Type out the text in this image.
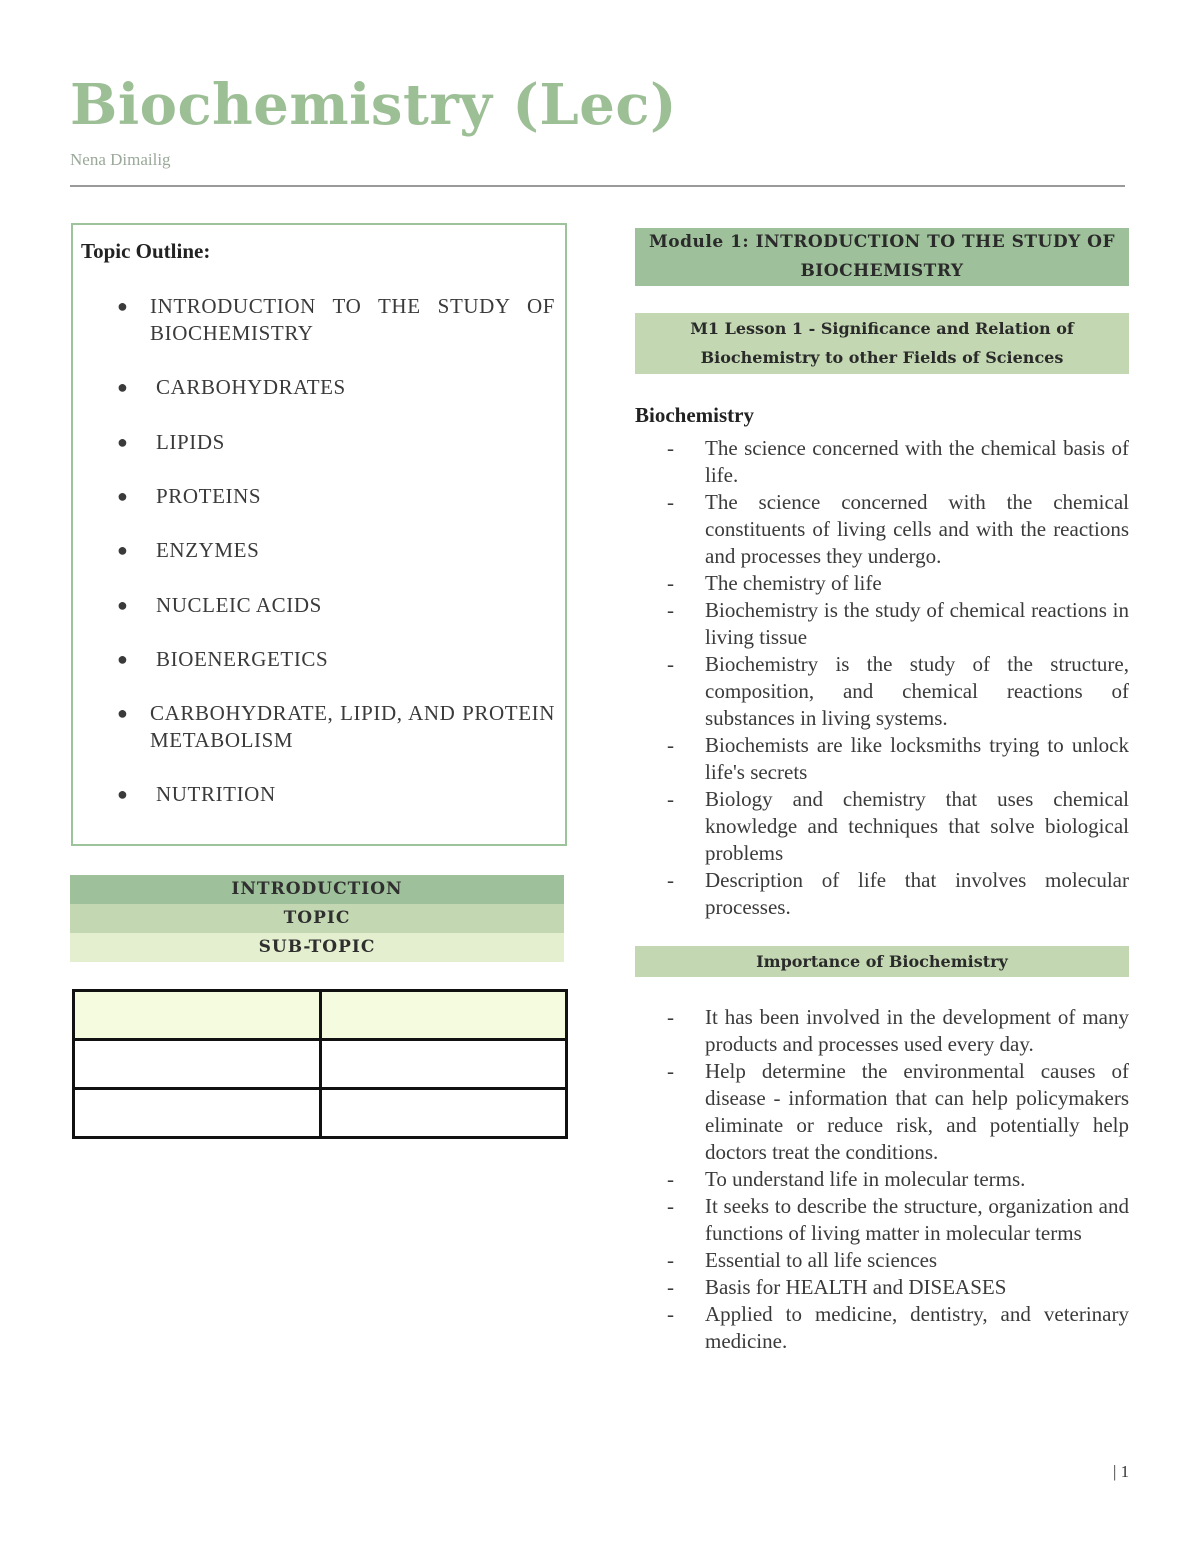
Biochemistry (Lec)
Nena Dimailig
Topic Outline:
●	INTRODUCTION TO THE STUDY OF BIOCHEMISTRY
●	CARBOHYDRATES
●	LIPIDS
●	PROTEINS
●	ENZYMES
●	NUCLEIC ACIDS
●	BIOENERGETICS
●	CARBOHYDRATE, LIPID, AND PROTEIN METABOLISM
●	NUTRITION
INTRODUCTION
TOPIC
SUB-TOPIC

Module 1: INTRODUCTION TO THE STUDY OF BIOCHEMISTRY
M1 Lesson 1 - Significance and Relation of Biochemistry to other Fields of Sciences
Biochemistry
- The science concerned with the chemical basis of life.
- The science concerned with the chemical constituents of living cells and with the reactions and processes they undergo.
- The chemistry of life
- Biochemistry is the study of chemical reactions in living tissue
- Biochemistry is the study of the structure, composition, and chemical reactions of substances in living systems.
- Biochemists are like locksmiths trying to unlock life's secrets
- Biology and chemistry that uses chemical knowledge and techniques that solve biological problems
- Description of life that involves molecular processes.
Importance of Biochemistry
- It has been involved in the development of many products and processes used every day.
- Help determine the environmental causes of disease - information that can help policymakers eliminate or reduce risk, and potentially help doctors treat the conditions.
- To understand life in molecular terms.
- It seeks to describe the structure, organization and functions of living matter in molecular terms
- Essential to all life sciences
- Basis for HEALTH and DISEASES
- Applied to medicine, dentistry, and veterinary medicine.
| 1
